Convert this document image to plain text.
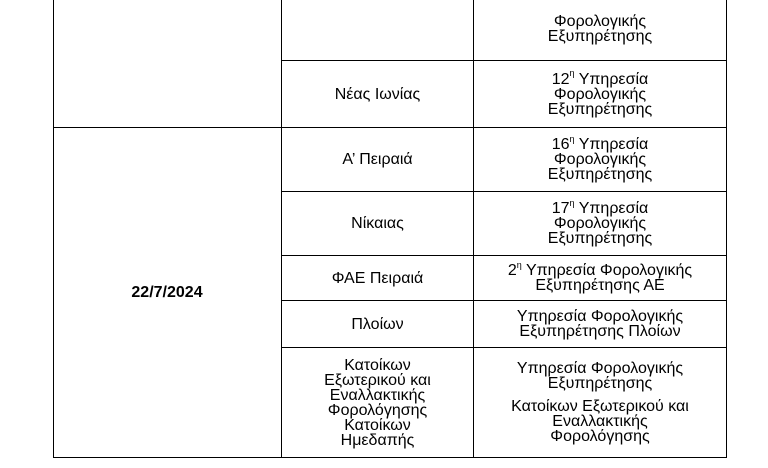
22/7/2024
Φορολογικής
Εξυπηρέτησης
Νέας Ιωνίας
$12^\eta$ Υπηρεσία
Φορολογικής
Εξυπηρέτησης
Α’ Πειραιά
$16^\eta$ Υπηρεσία
Φορολογικής
Εξυπηρέτησης
Νίκαιας
$17^\eta$ Υπηρεσία
Φορολογικής
Εξυπηρέτησης
ΦΑΕ Πειραιά	$2^\eta$ Υπηρεσία Φορολογικής
Εξυπηρέτησης ΑΕ
Πλοίων	Υπηρεσία Φορολογικής
Εξυπηρέτησης Πλοίων
Κατοίκων
Εξωτερικού και
Εναλλακτικής
Φορολόγησης
Κατοίκων
Ημεδαπής
Υπηρεσία Φορολογικής
Εξυπηρέτησης
Κατοίκων Εξωτερικού και
Εναλλακτικής
Φορολόγησης
